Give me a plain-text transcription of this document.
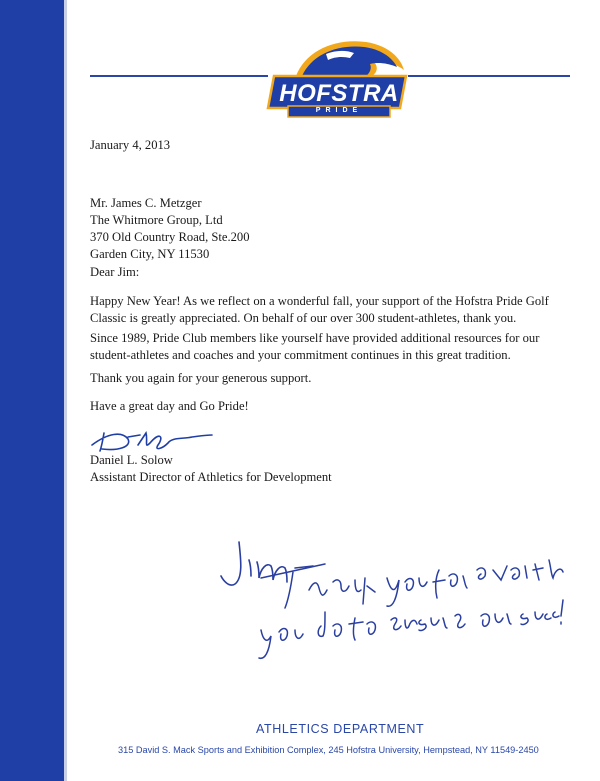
HOFSTRA
PRIDE
January 4, 2013
Mr. James C. Metzger
The Whitmore Group, Ltd
370 Old Country Road, Ste.200
Garden City, NY 11530
Dear Jim:
Happy New Year! As we reflect on a wonderful fall, your support of the Hofstra Pride Golf Classic is greatly appreciated. On behalf of our over 300 student-athletes, thank you.
Since 1989, Pride Club members like yourself have provided additional resources for our student-athletes and coaches and your commitment continues in this great tradition.
Thank you again for your generous support.
Have a great day and Go Pride!
Daniel L. Solow
Assistant Director of Athletics for Development
ATHLETICS DEPARTMENT
315 David S. Mack Sports and Exhibition Complex, 245 Hofstra University, Hempstead, NY 11549-2450
